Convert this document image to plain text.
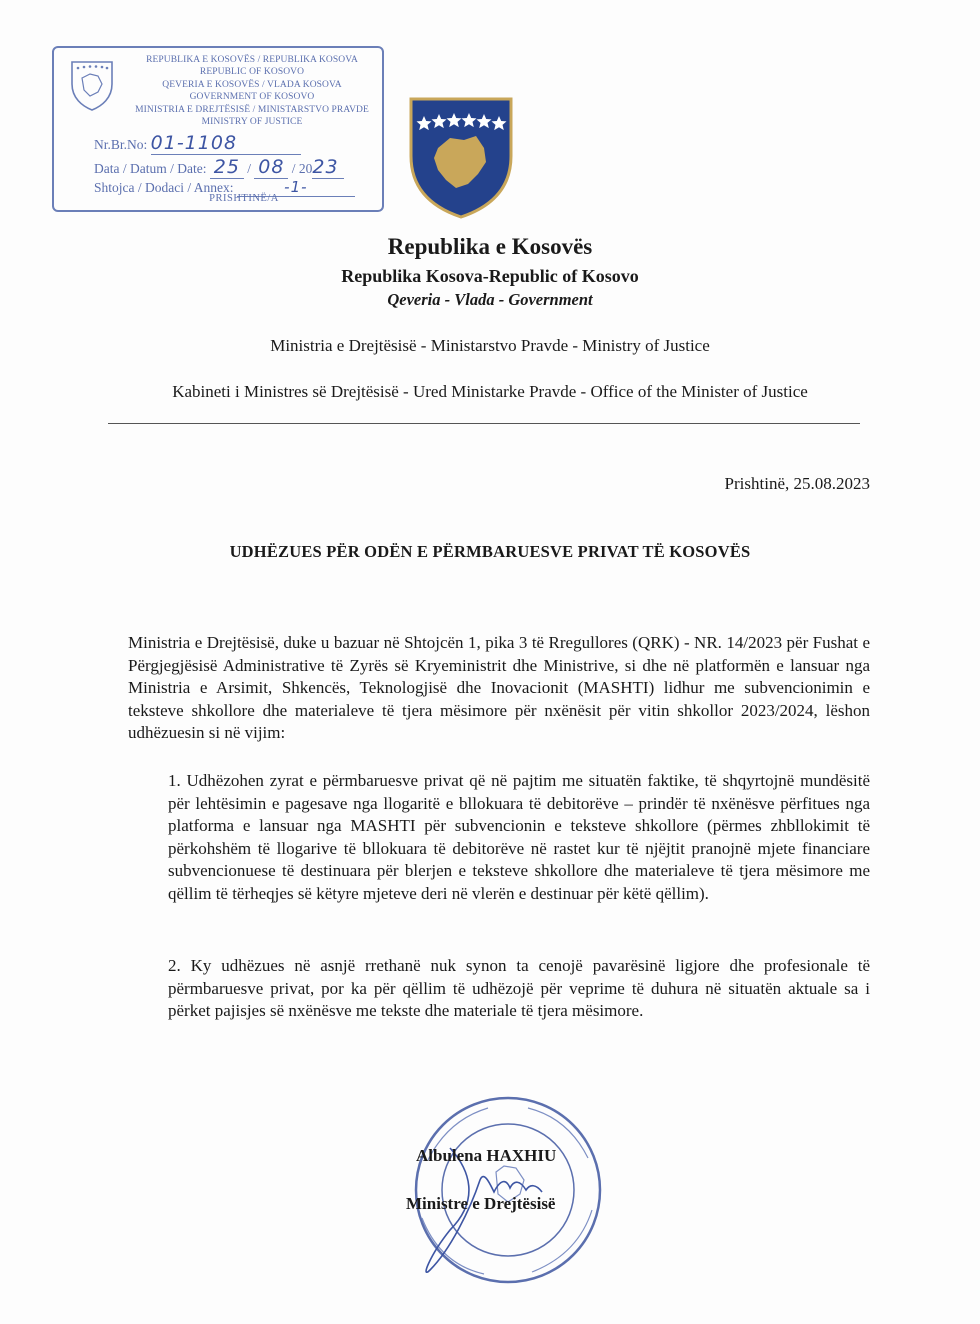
REPUBLIKA E KOSOVËS / REPUBLIKA KOSOVA
REPUBLIC OF KOSOVO
QEVERIA E KOSOVËS / VLADA KOSOVA
GOVERNMENT OF KOSOVO
MINISTRIA E DREJTËSISË / MINISTARSTVO PRAVDE
MINISTRY OF JUSTICE
Nr.Br.No: 01-1108
Data / Datum / Date: 25 / 08 / 2023
Shtojca / Dodaci / Annex:	-1-
PRISHTINË/A
Republika e Kosovës
Republika Kosova-Republic of Kosovo
Qeveria - Vlada - Government
Ministria e Drejtësisë - Ministarstvo Pravde - Ministry of Justice
Kabineti i Ministres së Drejtësisë - Ured Ministarke Pravde - Office of the Minister of Justice
Prishtinë, 25.08.2023
UDHËZUES PËR ODËN E PËRMBARUESVE PRIVAT TË KOSOVËS
Ministria e Drejtësisë, duke u bazuar në Shtojcën 1, pika 3 të Rregullores (QRK) - NR. 14/2023 për Fushat e Përgjegjësisë Administrative të Zyrës së Kryeministrit dhe Ministrive, si dhe në platformën e lansuar nga Ministria e Arsimit, Shkencës, Teknologjisë dhe Inovacionit (MASHTI) lidhur me subvencionimin e teksteve shkollore dhe materialeve të tjera mësimore për nxënësit për vitin shkollor 2023/2024, lëshon udhëzuesin si në vijim:
1. Udhëzohen zyrat e përmbaruesve privat që në pajtim me situatën faktike, të shqyrtojnë mundësitë për lehtësimin e pagesave nga llogaritë e bllokuara të debitorëve – prindër të nxënësve përfitues nga platforma e lansuar nga MASHTI për subvencionin e teksteve shkollore (përmes zhbllokimit të përkohshëm të llogarive të bllokuara të debitorëve në rastet kur të njëjtit pranojnë mjete financiare subvencionuese të destinuara për blerjen e teksteve shkollore dhe materialeve të tjera mësimore me qëllim të tërheqjes së këtyre mjeteve deri në vlerën e destinuar për këtë qëllim).
2. Ky udhëzues në asnjë rrethanë nuk synon ta cenojë pavarësinë ligjore dhe profesionale të përmbaruesve privat, por ka për qëllim të udhëzojë për veprime të duhura në situatën aktuale sa i përket pajisjes së nxënësve me tekste dhe materiale të tjera mësimore.
Albulena HAXHIU
Ministre e Drejtësisë
